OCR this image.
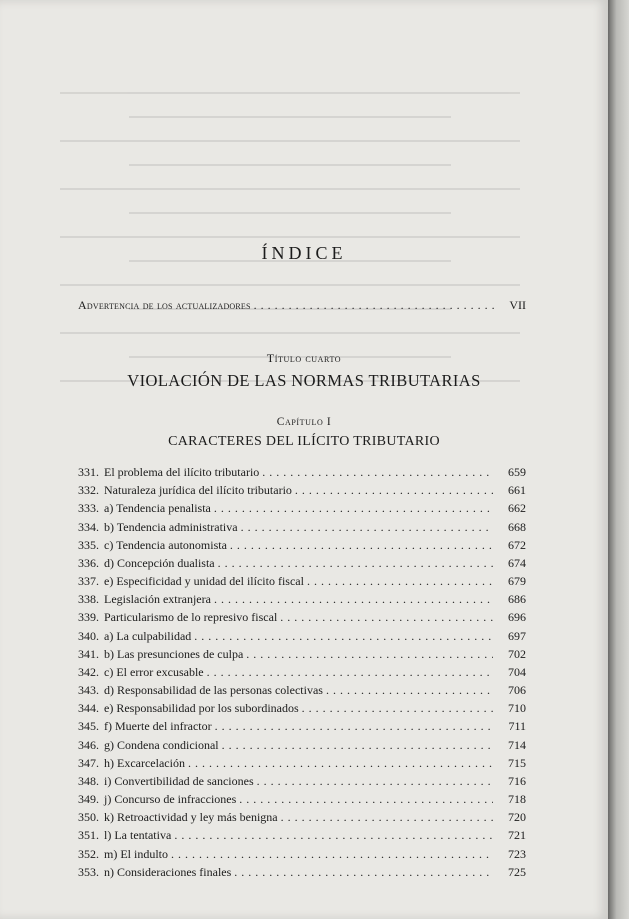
ÍNDICE
Advertencia de los actualizadores . . .	VII
Título cuarto
VIOLACIÓN DE LAS NORMAS TRIBUTARIAS
Capítulo I
CARACTERES DEL ILÍCITO TRIBUTARIO
331. El problema del ilícito tributario . . .	659
332. Naturaleza jurídica del ilícito tributario . . .	661
333. a) Tendencia penalista . . .	662
334. b) Tendencia administrativa . . .	668
335. c) Tendencia autonomista . . .	672
336. d) Concepción dualista . . .	674
337. e) Especificidad y unidad del ilícito fiscal . . .	679
338. Legislación extranjera . . .	686
339. Particularismo de lo represivo fiscal . . .	696
340. a) La culpabilidad . . .	697
341. b) Las presunciones de culpa . . .	702
342. c) El error excusable . . .	704
343. d) Responsabilidad de las personas colectivas . . .	706
344. e) Responsabilidad por los subordinados . . .	710
345. f) Muerte del infractor . . .	711
346. g) Condena condicional . . .	714
347. h) Excarcelación . . .	715
348. i) Convertibilidad de sanciones . . .	716
349. j) Concurso de infracciones . . .	718
350. k) Retroactividad y ley más benigna . . .	720
351. l) La tentativa . . .	721
352. m) El indulto . . .	723
353. n) Consideraciones finales . . .	725
